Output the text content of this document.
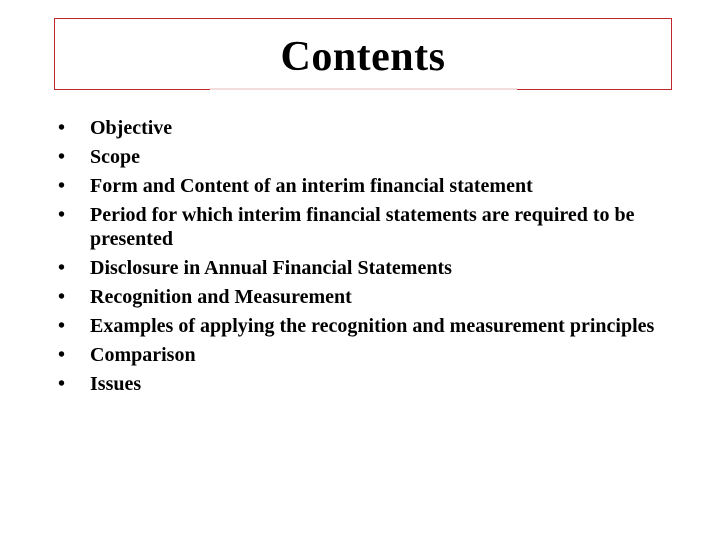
Contents
•	Objective
•	Scope
•	Form and Content of an interim financial statement
•	Period for which interim financial statements are required to be presented
•	Disclosure in Annual Financial Statements
•	Recognition and Measurement
•	Examples of applying the recognition and measurement principles
•	Comparison
•	Issues
